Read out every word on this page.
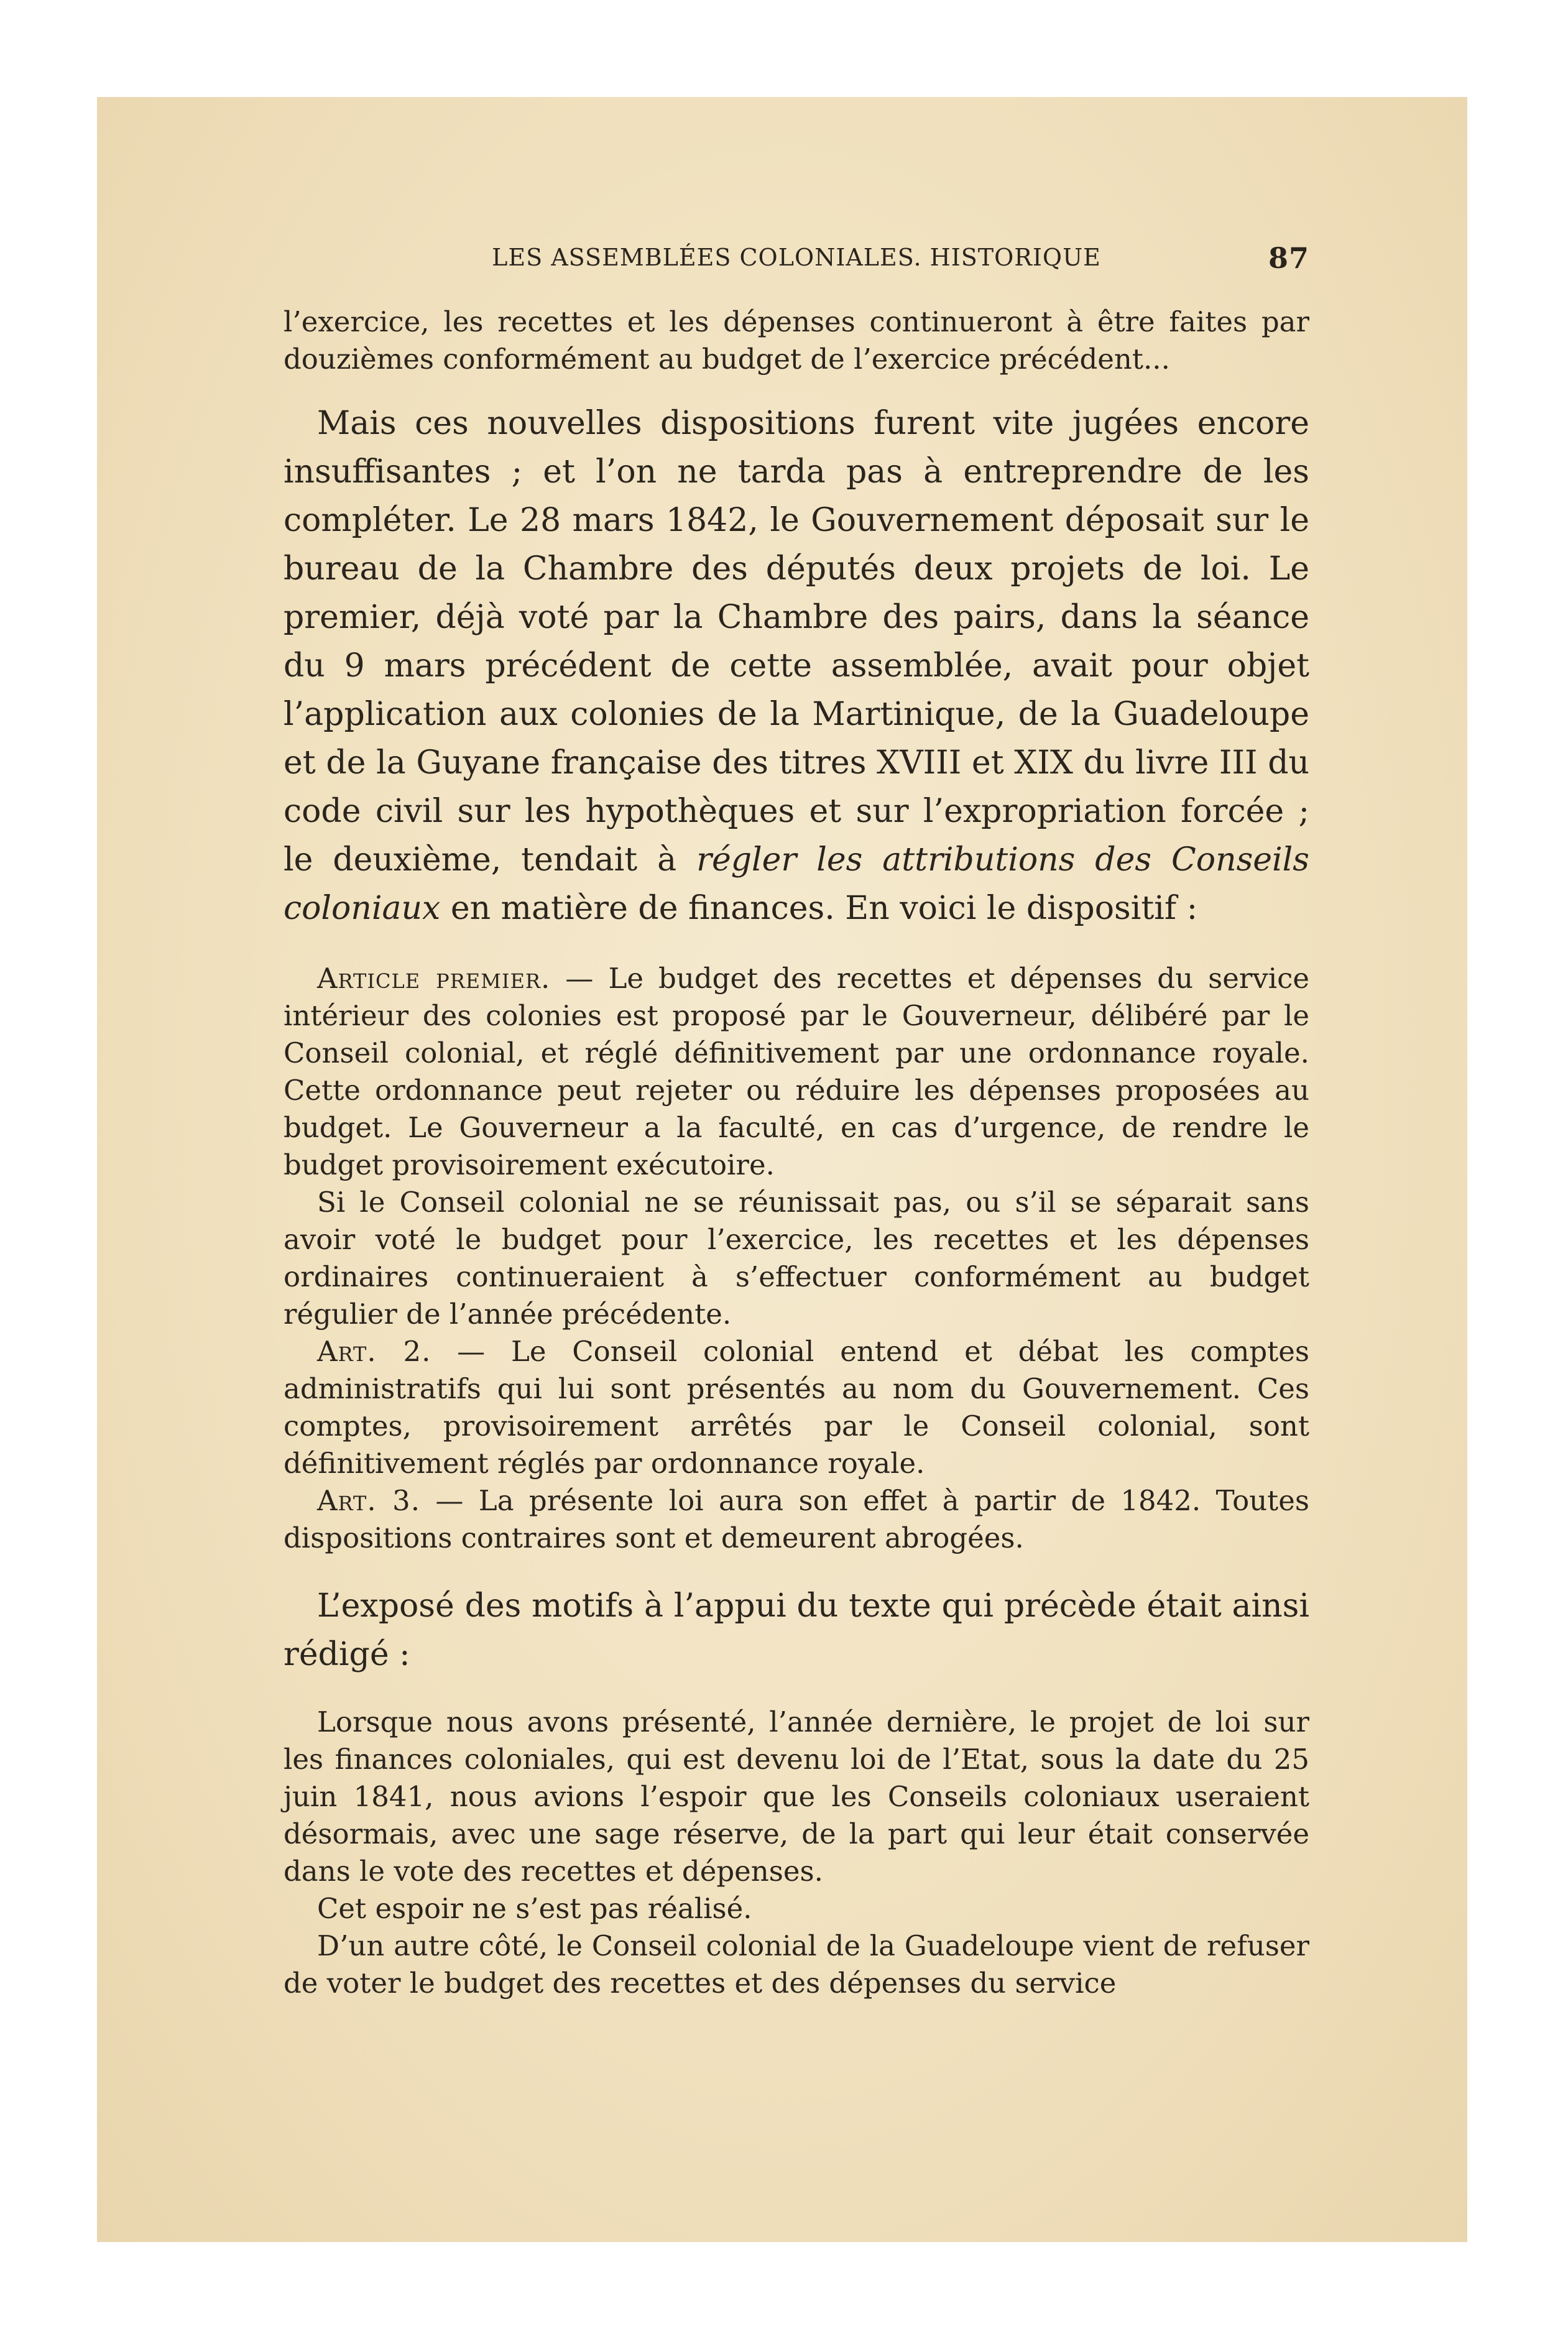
LES ASSEMBLÉES COLONIALES. HISTORIQUE	87

l’exercice, les recettes et les dépenses continueront à être faites par douzièmes conformément au budget de l’exercice précédent...

Mais ces nouvelles dispositions furent vite jugées encore insuffisantes ; et l’on ne tarda pas à entreprendre de les compléter. Le 28 mars 1842, le Gouvernement déposait sur le bureau de la Chambre des députés deux projets de loi. Le premier, déjà voté par la Chambre des pairs, dans la séance du 9 mars précédent de cette assemblée, avait pour objet l’application aux colonies de la Martinique, de la Guadeloupe et de la Guyane française des titres XVIII et XIX du livre III du code civil sur les hypothèques et sur l’expropriation forcée ; le deuxième, tendait à régler les attributions des Conseils coloniaux en matière de finances. En voici le dispositif :

Article premier. — Le budget des recettes et dépenses du service intérieur des colonies est proposé par le Gouverneur, délibéré par le Conseil colonial, et réglé définitivement par une ordonnance royale. Cette ordonnance peut rejeter ou réduire les dépenses proposées au budget. Le Gouverneur a la faculté, en cas d’urgence, de rendre le budget provisoirement exécutoire.

Si le Conseil colonial ne se réunissait pas, ou s’il se séparait sans avoir voté le budget pour l’exercice, les recettes et les dépenses ordinaires continueraient à s’effectuer conformément au budget régulier de l’année précédente.

Art. 2. — Le Conseil colonial entend et débat les comptes administratifs qui lui sont présentés au nom du Gouvernement. Ces comptes, provisoirement arrêtés par le Conseil colonial, sont définitivement réglés par ordonnance royale.

Art. 3. — La présente loi aura son effet à partir de 1842. Toutes dispositions contraires sont et demeurent abrogées.

L’exposé des motifs à l’appui du texte qui précède était ainsi rédigé :

Lorsque nous avons présenté, l’année dernière, le projet de loi sur les finances coloniales, qui est devenu loi de l’Etat, sous la date du 25 juin 1841, nous avions l’espoir que les Conseils coloniaux useraient désormais, avec une sage réserve, de la part qui leur était conservée dans le vote des recettes et dépenses.

Cet espoir ne s’est pas réalisé.

D’un autre côté, le Conseil colonial de la Guadeloupe vient de refuser de voter le budget des recettes et des dépenses du service
